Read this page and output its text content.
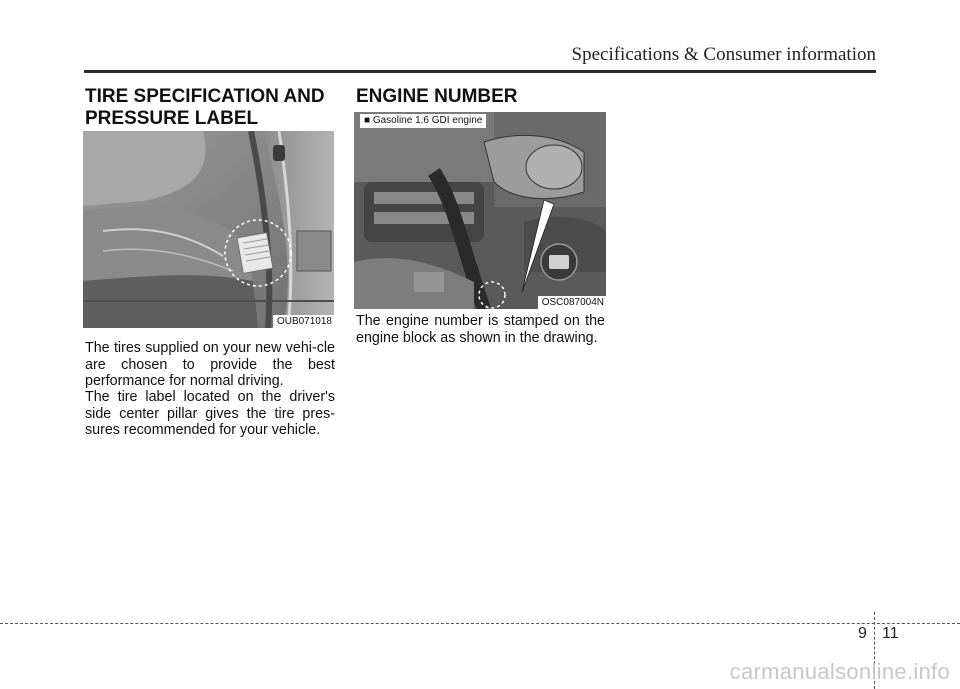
Specifications & Consumer information
TIRE SPECIFICATION AND PRESSURE LABEL
OUB071018

The tires supplied on your new vehi-cle are chosen to provide the best performance for normal driving.

The tire label located on the driver's side center pillar gives the tire pres-sures recommended for your vehicle.

ENGINE NUMBER
■ Gasoline 1.6 GDI engine
OSC087004N

The engine number is stamped on the engine block as shown in the drawing.

9 11
carmanualsonline.info
